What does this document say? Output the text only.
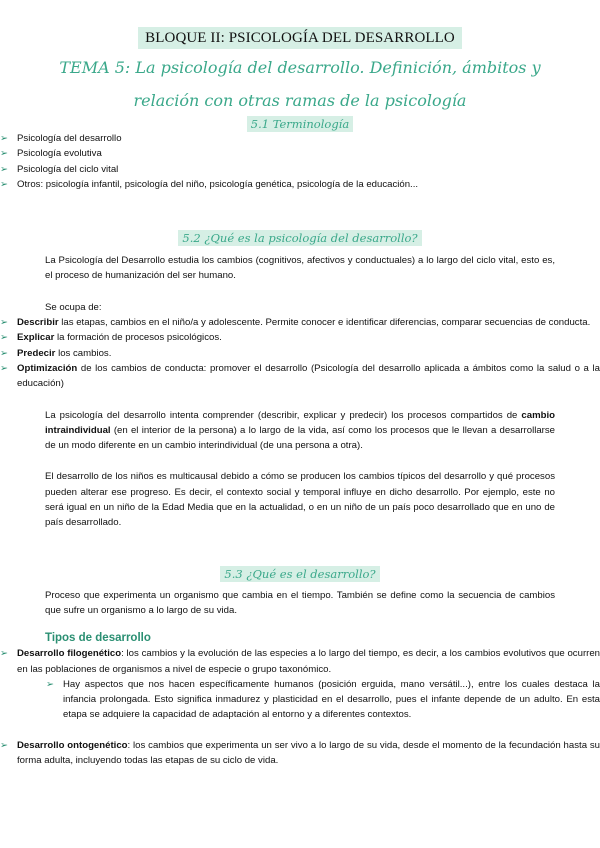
BLOQUE II: PSICOLOGÍA DEL DESARROLLO
TEMA 5: La psicología del desarrollo. Definición, ámbitos y relación con otras ramas de la psicología
5.1 Terminología
➢ Psicología del desarrollo
➢ Psicología evolutiva
➢ Psicología del ciclo vital
➢ Otros: psicología infantil, psicología del niño, psicología genética, psicología de la educación...
5.2 ¿Qué es la psicología del desarrollo?

La Psicología del Desarrollo estudia los cambios (cognitivos, afectivos y conductuales) a lo largo del ciclo vital, esto es, el proceso de humanización del ser humano.

Se ocupa de:

➢ Describir las etapas, cambios en el niño/a y adolescente. Permite conocer e identificar diferencias, comparar secuencias de conducta.
➢ Explicar la formación de procesos psicológicos.
➢ Predecir los cambios.
➢ Optimización de los cambios de conducta: promover el desarrollo (Psicología del desarrollo aplicada a ámbitos como la salud o a la educación)

La psicología del desarrollo intenta comprender (describir, explicar y predecir) los procesos compartidos de cambio intraindividual (en el interior de la persona) a lo largo de la vida, así como los procesos que le llevan a desarrollarse de un modo diferente en un cambio interindividual (de una persona a otra).

El desarrollo de los niños es multicausal debido a cómo se producen los cambios típicos del desarrollo y qué procesos pueden alterar ese progreso. Es decir, el contexto social y temporal influye en dicho desarrollo. Por ejemplo, este no será igual en un niño de la Edad Media que en la actualidad, o en un niño de un país poco desarrollado que en uno de país desarrollado.

5.3 ¿Qué es el desarrollo?

Proceso que experimenta un organismo que cambia en el tiempo. También se define como la secuencia de cambios que sufre un organismo a lo largo de su vida.

Tipos de desarrollo
➢ Desarrollo filogenético: los cambios y la evolución de las especies a lo largo del tiempo, es decir, a los cambios evolutivos que ocurren en las poblaciones de organismos a nivel de especie o grupo taxonómico.
➢ Hay aspectos que nos hacen específicamente humanos (posición erguida, mano versátil...), entre los cuales destaca la infancia prolongada. Esto significa inmadurez y plasticidad en el desarrollo, pues el infante depende de un adulto. En esta etapa se adquiere la capacidad de adaptación al entorno y a diferentes contextos.
➢ Desarrollo ontogenético: los cambios que experimenta un ser vivo a lo largo de su vida, desde el momento de la fecundación hasta su forma adulta, incluyendo todas las etapas de su ciclo de vida.
